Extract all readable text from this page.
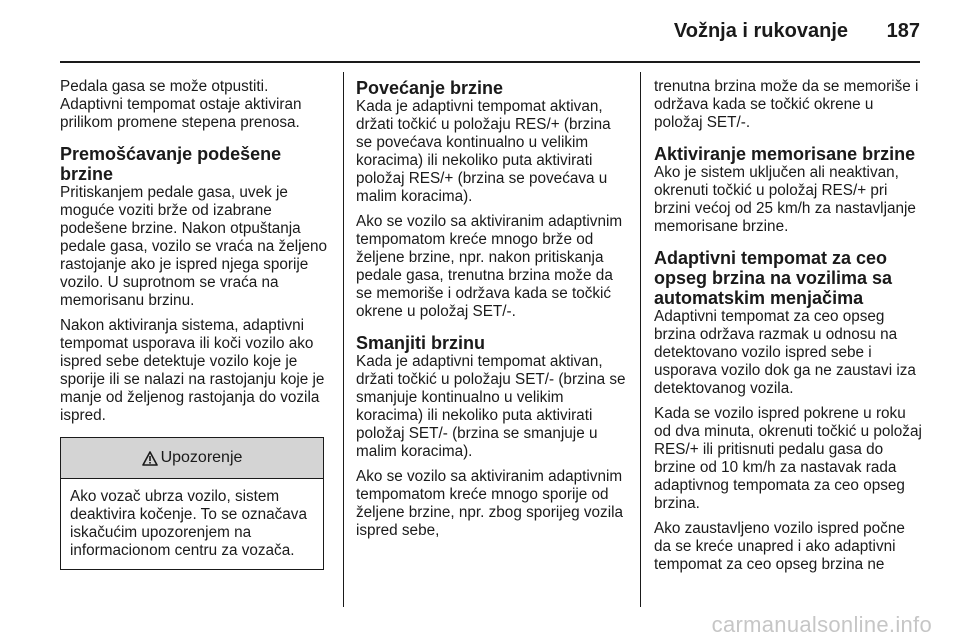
Vožnja i rukovanje 187

Pedala gasa se može otpustiti. Adaptivni tempomat ostaje aktiviran prilikom promene stepena prenosa.

Premošćavanje podešene brzine

Pritiskanjem pedale gasa, uvek je moguće voziti brže od izabrane podešene brzine. Nakon otpuštanja pedale gasa, vozilo se vraća na željeno rastojanje ako je ispred njega sporije vozilo. U suprotnom se vraća na memorisanu brzinu.

Nakon aktiviranja sistema, adaptivni tempomat usporava ili koči vozilo ako ispred sebe detektuje vozilo koje je sporije ili se nalazi na rastojanju koje je manje od željenog rastojanja do vozila ispred.

Upozorenje
Ako vozač ubrza vozilo, sistem deaktivira kočenje. To se označava iskačućim upozorenjem na informacionom centru za vozača.
Povećanje brzine

Kada je adaptivni tempomat aktivan, držati točkić u položaju RES/+ (brzina se povećava kontinualno u velikim koracima) ili nekoliko puta aktivirati položaj RES/+ (brzina se povećava u malim koracima).

Ako se vozilo sa aktiviranim adaptivnim tempomatom kreće mnogo brže od željene brzine, npr. nakon pritiskanja pedale gasa, trenutna brzina može da se memoriše i održava kada se točkić okrene u položaj SET/-.

Smanjiti brzinu

Kada je adaptivni tempomat aktivan, držati točkić u položaju SET/- (brzina se smanjuje kontinualno u velikim koracima) ili nekoliko puta aktivirati položaj SET/- (brzina se smanjuje u malim koracima).

Ako se vozilo sa aktiviranim adaptivnim tempomatom kreće mnogo sporije od željene brzine, npr. zbog sporijeg vozila ispred sebe,

trenutna brzina može da se memoriše i održava kada se točkić okrene u položaj SET/-.

Aktiviranje memorisane brzine

Ako je sistem uključen ali neaktivan, okrenuti točkić u položaj RES/+ pri brzini većoj od 25 km/h za nastavljanje memorisane brzine.

Adaptivni tempomat za ceo opseg brzina na vozilima sa automatskim menjačima

Adaptivni tempomat za ceo opseg brzina održava razmak u odnosu na detektovano vozilo ispred sebe i usporava vozilo dok ga ne zaustavi iza detektovanog vozila.

Kada se vozilo ispred pokrene u roku od dva minuta, okrenuti točkić u položaj RES/+ ili pritisnuti pedalu gasa do brzine od 10 km/h za nastavak rada adaptivnog tempomata za ceo opseg brzina.

Ako zaustavljeno vozilo ispred počne da se kreće unapred i ako adaptivni tempomat za ceo opseg brzina ne

carmanualsonline.info
